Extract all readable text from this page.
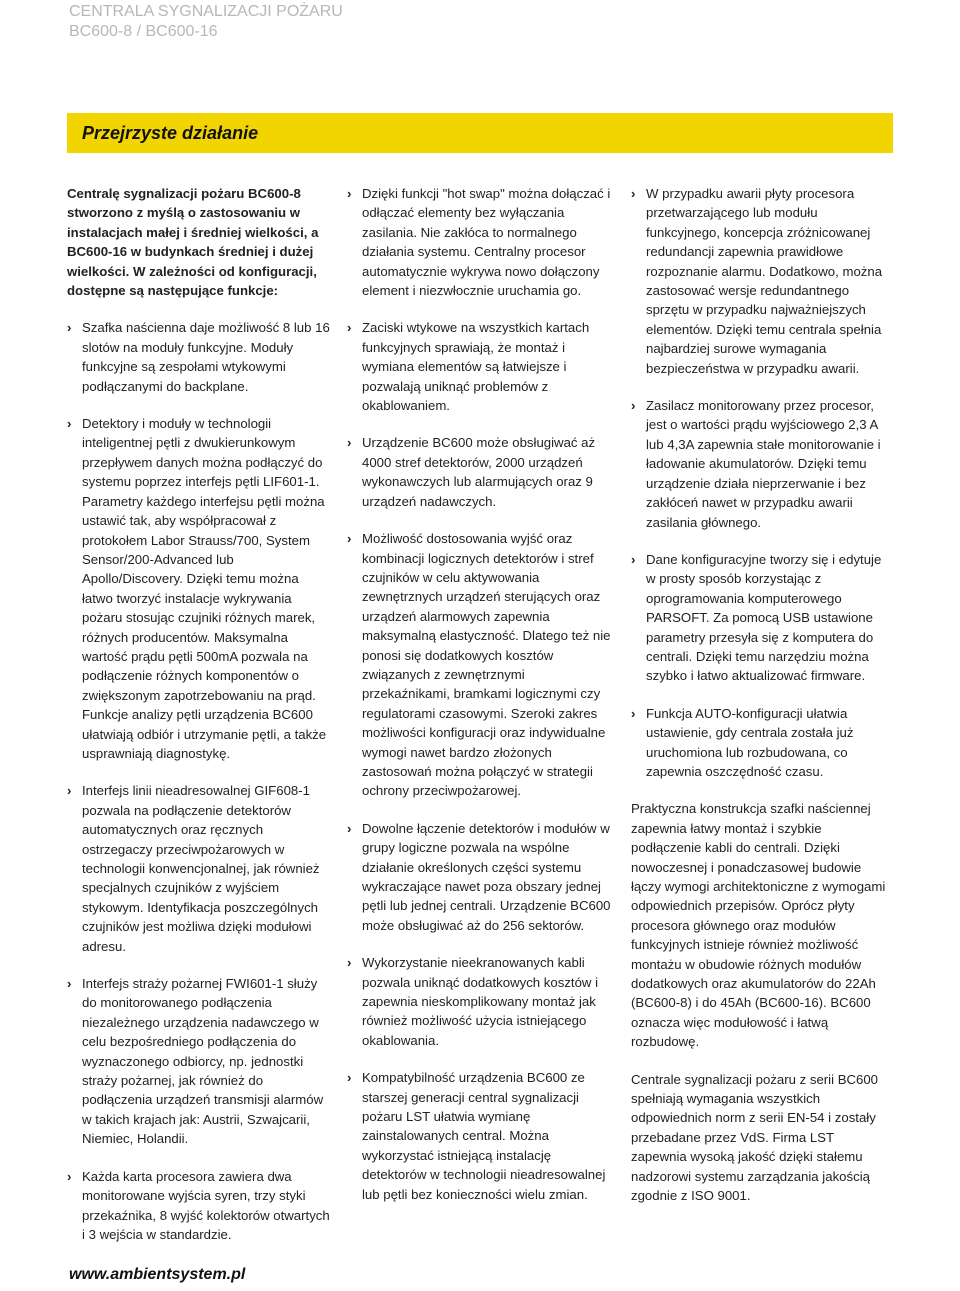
CENTRALA SYGNALIZACJI POŻARU
BC600-8 / BC600-16
Przejrzyste działanie

Centralę sygnalizacji pożaru BC600-8 stworzono z myślą o zastosowaniu w instalacjach małej i średniej wielkości, a BC600-16 w budynkach średniej i dużej wielkości. W zależności od konfiguracji, dostępne są następujące funkcje:

› Szafka naścienna daje możliwość 8 lub 16 slotów na moduły funkcyjne. Moduły funkcyjne są zespołami wtykowymi podłączanymi do backplane.
› Detektory i moduły w technologii inteligentnej pętli z dwukierunkowym przepływem danych można podłączyć do systemu poprzez interfejs pętli LIF601-1. Parametry każdego interfejsu pętli można ustawić tak, aby współpracował z protokołem Labor Strauss/700, System Sensor/200-Advanced lub Apollo/Discovery. Dzięki temu można łatwo tworzyć instalacje wykrywania pożaru stosując czujniki różnych marek, różnych producentów. Maksymalna wartość prądu pętli 500mA pozwala na podłączenie różnych komponentów o zwiększonym zapotrzebowaniu na prąd. Funkcje analizy pętli urządzenia BC600 ułatwiają odbiór i utrzymanie pętli, a także usprawniają diagnostykę.
› Interfejs linii nieadresowalnej GIF608-1 pozwala na podłączenie detektorów automatycznych oraz ręcznych ostrzegaczy przeciwpożarowych w technologii konwencjonalnej, jak również specjalnych czujników z wyjściem stykowym. Identyfikacja poszczególnych czujników jest możliwa dzięki modułowi adresu.
› Interfejs straży pożarnej FWI601-1 służy do monitorowanego podłączenia niezależnego urządzenia nadawczego w celu bezpośredniego podłączenia do wyznaczonego odbiorcy, np. jednostki straży pożarnej, jak również do podłączenia urządzeń transmisji alarmów w takich krajach jak: Austrii, Szwajcarii, Niemiec, Holandii.
› Każda karta procesora zawiera dwa monitorowane wyjścia syren, trzy styki przekaźnika, 8 wyjść kolektorów otwartych i 3 wejścia w standardzie.
› Dzięki funkcji "hot swap" można dołączać i odłączać elementy bez wyłączania zasilania. Nie zakłóca to normalnego działania systemu. Centralny procesor automatycznie wykrywa nowo dołączony element i niezwłocznie uruchamia go.
› Zaciski wtykowe na wszystkich kartach funkcyjnych sprawiają, że montaż i wymiana elementów są łatwiejsze i pozwalają uniknąć problemów z okablowaniem.
› Urządzenie BC600 może obsługiwać aż 4000 stref detektorów, 2000 urządzeń wykonawczych lub alarmujących oraz 9 urządzeń nadawczych.
› Możliwość dostosowania wyjść oraz kombinacji logicznych detektorów i stref czujników w celu aktywowania zewnętrznych urządzeń sterujących oraz urządzeń alarmowych zapewnia maksymalną elastyczność. Dlatego też nie ponosi się dodatkowych kosztów związanych z zewnętrznymi przekaźnikami, bramkami logicznymi czy regulatorami czasowymi. Szeroki zakres możliwości konfiguracji oraz indywidualne wymogi nawet bardzo złożonych zastosowań można połączyć w strategii ochrony przeciwpożarowej.
› Dowolne łączenie detektorów i modułów w grupy logiczne pozwala na wspólne działanie określonych części systemu wykraczające nawet poza obszary jednej pętli lub jednej centrali. Urządzenie BC600 może obsługiwać aż do 256 sektorów.
› Wykorzystanie nieekranowanych kabli pozwala uniknąć dodatkowych kosztów i zapewnia nieskomplikowany montaż jak również możliwość użycia istniejącego okablowania.
› Kompatybilność urządzenia BC600 ze starszej generacji central sygnalizacji pożaru LST ułatwia wymianę zainstalowanych central. Można wykorzystać istniejącą instalację detektorów w technologii nieadresowalnej lub pętli bez konieczności wielu zmian.
› W przypadku awarii płyty procesora przetwarzającego lub modułu funkcyjnego, koncepcja zróżnicowanej redundancji zapewnia prawidłowe rozpoznanie alarmu. Dodatkowo, można zastosować wersje redundantnego sprzętu w przypadku najważniejszych elementów. Dzięki temu centrala spełnia najbardziej surowe wymagania bezpieczeństwa w przypadku awarii.
› Zasilacz monitorowany przez procesor, jest o wartości prądu wyjściowego 2,3 A lub 4,3A zapewnia stałe monitorowanie i ładowanie akumulatorów. Dzięki temu urządzenie działa nieprzerwanie i bez zakłóceń nawet w przypadku awarii zasilania głównego.
› Dane konfiguracyjne tworzy się i edytuje w prosty sposób korzystając z oprogramowania komputerowego PARSOFT. Za pomocą USB ustawione parametry przesyła się z komputera do centrali. Dzięki temu narzędziu można szybko i łatwo aktualizować firmware.
› Funkcja AUTO-konfiguracji ułatwia ustawienie, gdy centrala została już uruchomiona lub rozbudowana, co zapewnia oszczędność czasu.

Praktyczna konstrukcja szafki naściennej zapewnia łatwy montaż i szybkie podłączenie kabli do centrali. Dzięki nowoczesnej i ponadczasowej budowie łączy wymogi architektoniczne z wymogami odpowiednich przepisów. Oprócz płyty procesora głównego oraz modułów funkcyjnych istnieje również możliwość montażu w obudowie różnych modułów dodatkowych oraz akumulatorów do 22Ah (BC600-8) i do 45Ah (BC600-16). BC600 oznacza więc modułowość i łatwą rozbudowę.

Centrale sygnalizacji pożaru z serii BC600 spełniają wymagania wszystkich odpowiednich norm z serii EN-54 i zostały przebadane przez VdS. Firma LST zapewnia wysoką jakość dzięki stałemu nadzorowi systemu zarządzania jakością zgodnie z ISO 9001.

www.ambientsystem.pl
